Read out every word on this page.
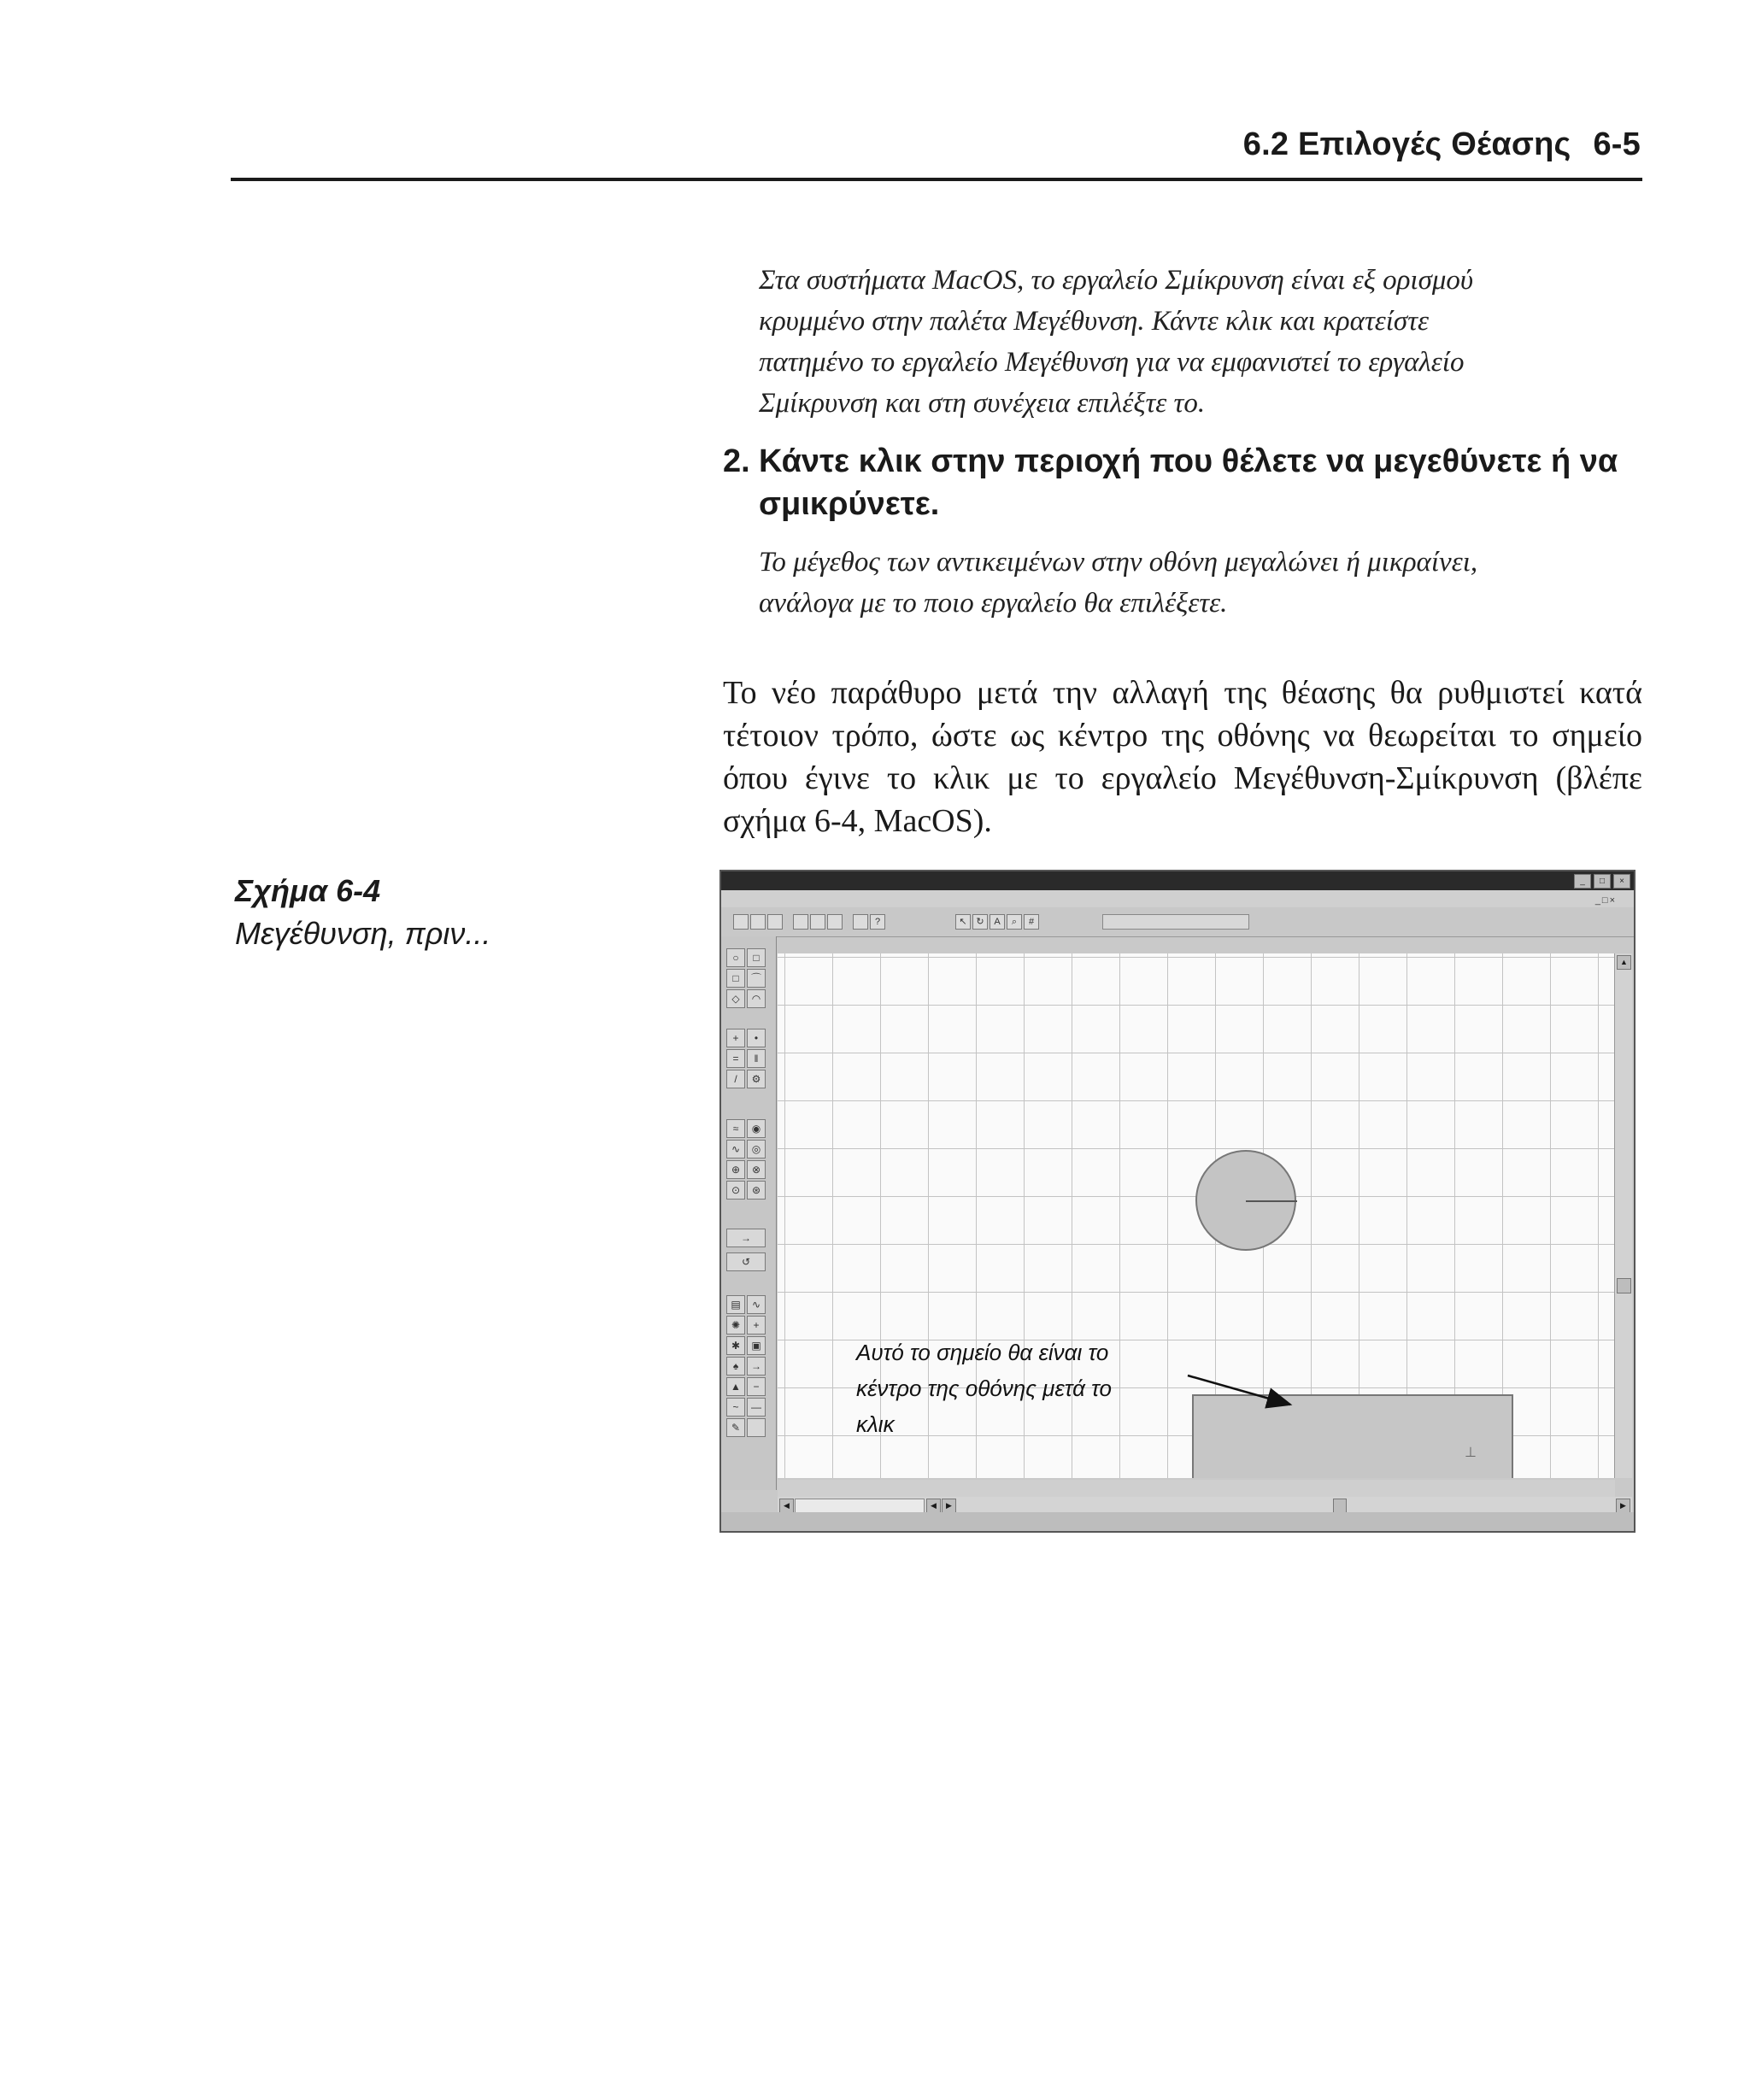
6.2 Επιλογές Θέασης 6-5
Στα συστήματα MacOS, το εργαλείο Σμίκρυνση είναι εξ ορισμού
κρυμμένο στην παλέτα Μεγέθυνση. Κάντε κλικ και κρατείστε
πατημένο το εργαλείο Μεγέθυνση για να εμφανιστεί το εργαλείο
Σμίκρυνση και στη συνέχεια επιλέξτε το.
2. Κάντε κλικ στην περιοχή που θέλετε να μεγεθύνετε ή να
σμικρύνετε.
Το μέγεθος των αντικειμένων στην οθόνη μεγαλώνει ή μικραίνει,
ανάλογα με το ποιο εργαλείο θα επιλέξετε.
Το νέο παράθυρο μετά την αλλαγή της θέασης θα ρυθμιστεί κατά
τέτοιον τρόπο, ώστε ως κέντρο της οθόνης να θεωρείται το σημείο
όπου έγινε το κλικ με το εργαλείο Μεγέθυνση-Σμίκρυνση (βλέπε
σχήμα 6-4, MacOS).
Σχήμα 6-4
Μεγέθυνση, πριν...
_	□	×
_□×
?	↖ ↻	A	⌕	#
○	□
□	⌒
◇	◠
+	•
=	‖
/	⚙
≈	◉
∿	◎
⊕	⊗
⊙	⊛
→
↺
▤	∿
✺	+
✱	▣
♠	→
▲	−
~	—
✎
⊥
Αυτό το σημείο θα είναι το
κέντρο της οθόνης μετά το
κλικ
▲
◀	◀	▶	▶
